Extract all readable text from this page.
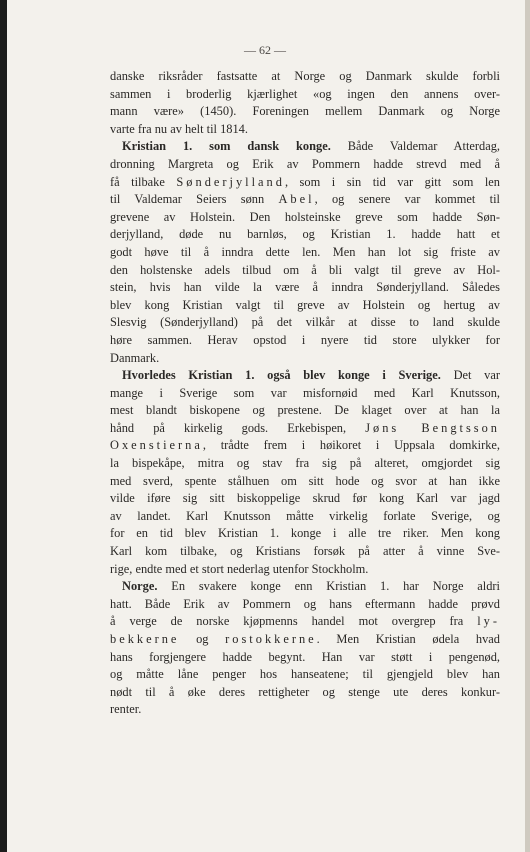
— 62 —
danske riksråder fastsatte at Norge og Danmark skulde forbli
sammen i broderlig kjærlighet «og ingen den annens over-
mann være» (1450). Foreningen mellem Danmark og Norge
varte fra nu av helt til 1814.
Kristian 1. som dansk konge. Både Valdemar Atterdag,
dronning Margreta og Erik av Pommern hadde strevd med å
få tilbake Sønderjylland, som i sin tid var gitt som len
til Valdemar Seiers sønn Abel, og senere var kommet til
grevene av Holstein. Den holsteinske greve som hadde Søn-
derjylland, døde nu barnløs, og Kristian 1. hadde hatt et
godt høve til å inndra dette len. Men han lot sig friste av
den holstenske adels tilbud om å bli valgt til greve av Hol-
stein, hvis han vilde la være å inndra Sønderjylland. Således
blev kong Kristian valgt til greve av Holstein og hertug av
Slesvig (Sønderjylland) på det vilkår at disse to land skulde
høre sammen. Herav opstod i nyere tid store ulykker for
Danmark.
Hvorledes Kristian 1. også blev konge i Sverige. Det var
mange i Sverige som var misfornøid med Karl Knutsson,
mest blandt biskopene og prestene. De klaget over at han la
hånd på kirkelig gods. Erkebispen, Jøns Bengtsson
Oxenstierna, trådte frem i høikoret i Uppsala domkirke,
la bispekåpe, mitra og stav fra sig på alteret, omgjordet sig
med sverd, spente stålhuen om sitt hode og svor at han ikke
vilde iføre sig sitt biskoppelige skrud før kong Karl var jagd
av landet. Karl Knutsson måtte virkelig forlate Sverige, og
for en tid blev Kristian 1. konge i alle tre riker. Men kong
Karl kom tilbake, og Kristians forsøk på atter å vinne Sve-
rige, endte med et stort nederlag utenfor Stockholm.
Norge. En svakere konge enn Kristian 1. har Norge aldri
hatt. Både Erik av Pommern og hans eftermann hadde prøvd
å verge de norske kjøpmenns handel mot overgrep fra ly-
bekkerne og rostokkerne. Men Kristian ødela hvad
hans forgjengere hadde begynt. Han var støtt i pengenød,
og måtte låne penger hos hanseatene; til gjengjeld blev han
nødt til å øke deres rettigheter og stenge ute deres konkur-
renter.
